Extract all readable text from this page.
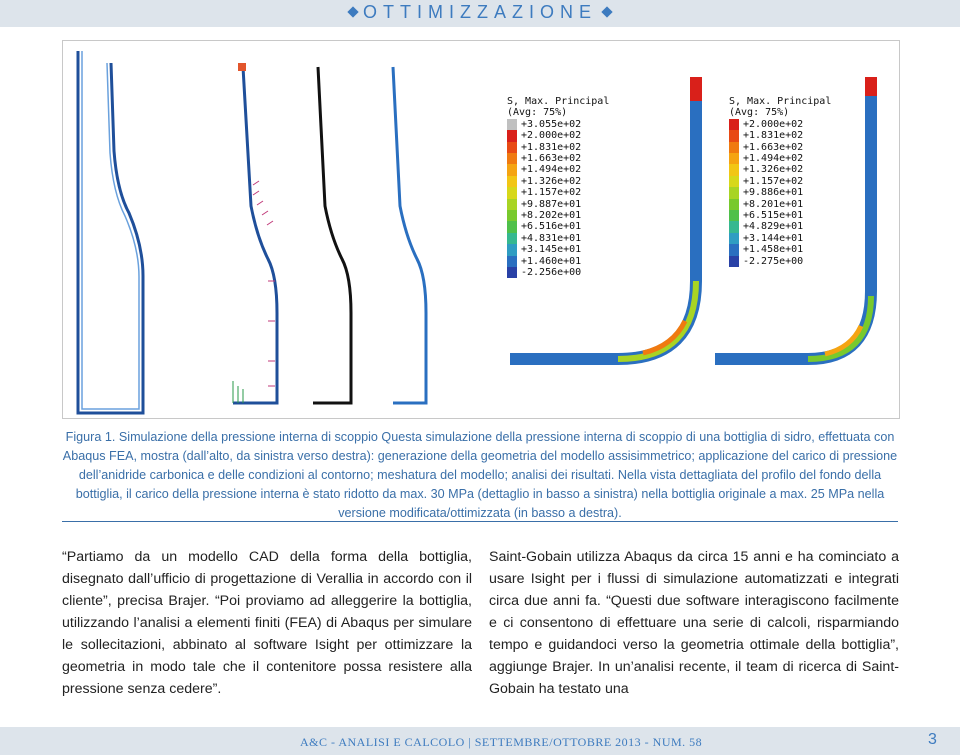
OTTIMIZZAZIONE
S, Max. Principal
(Avg: 75%)
+3.055e+02
+2.000e+02
+1.831e+02
+1.663e+02
+1.494e+02
+1.326e+02
+1.157e+02
+9.887e+01
+8.202e+01
+6.516e+01
+4.831e+01
+3.145e+01
+1.460e+01
-2.256e+00
S, Max. Principal
(Avg: 75%)
+2.000e+02
+1.831e+02
+1.663e+02
+1.494e+02
+1.326e+02
+1.157e+02
+9.886e+01
+8.201e+01
+6.515e+01
+4.829e+01
+3.144e+01
+1.458e+01
-2.275e+00
Figura 1. Simulazione della pressione interna di scoppio Questa simulazione della pressione interna di scoppio di una bottiglia di sidro, effettuata con Abaqus FEA, mostra (dall’alto, da sinistra verso destra): generazione della geometria del modello assisimmetrico; applicazione del carico di pressione dell’anidride carbonica e delle condizioni al contorno; meshatura del modello; analisi dei risultati. Nella vista dettagliata del profilo del fondo della bottiglia, il carico della pressione interna è stato ridotto da max. 30 MPa (dettaglio in basso a sinistra) nella bottiglia originale a max. 25 MPa nella versione modificata/ottimizzata (in basso a destra).
“Partiamo da un modello CAD della forma della bottiglia, disegnato dall’ufficio di progettazione di Verallia in accordo con il cliente”, precisa Brajer. “Poi proviamo ad alleggerire la bottiglia, utilizzando l’analisi a elementi finiti (FEA) di Abaqus per simulare le sollecitazioni, abbinato al software Isight per ottimizzare la geometria in modo tale che il contenitore possa resistere alla pressione senza cedere”.
Saint-Gobain utilizza Abaqus da circa 15 anni e ha cominciato a usare Isight per i flussi di simulazione automatizzati e integrati circa due anni fa. “Questi due software interagiscono facilmente e ci consentono di effettuare una serie di calcoli, risparmiando tempo e guidandoci verso la geometria ottimale della bottiglia”, aggiunge Brajer. In un’analisi recente, il team di ricerca di Saint-Gobain ha testato una
A&C - ANALISI E CALCOLO | SETTEMBRE/OTTOBRE 2013 - NUM. 58	3
